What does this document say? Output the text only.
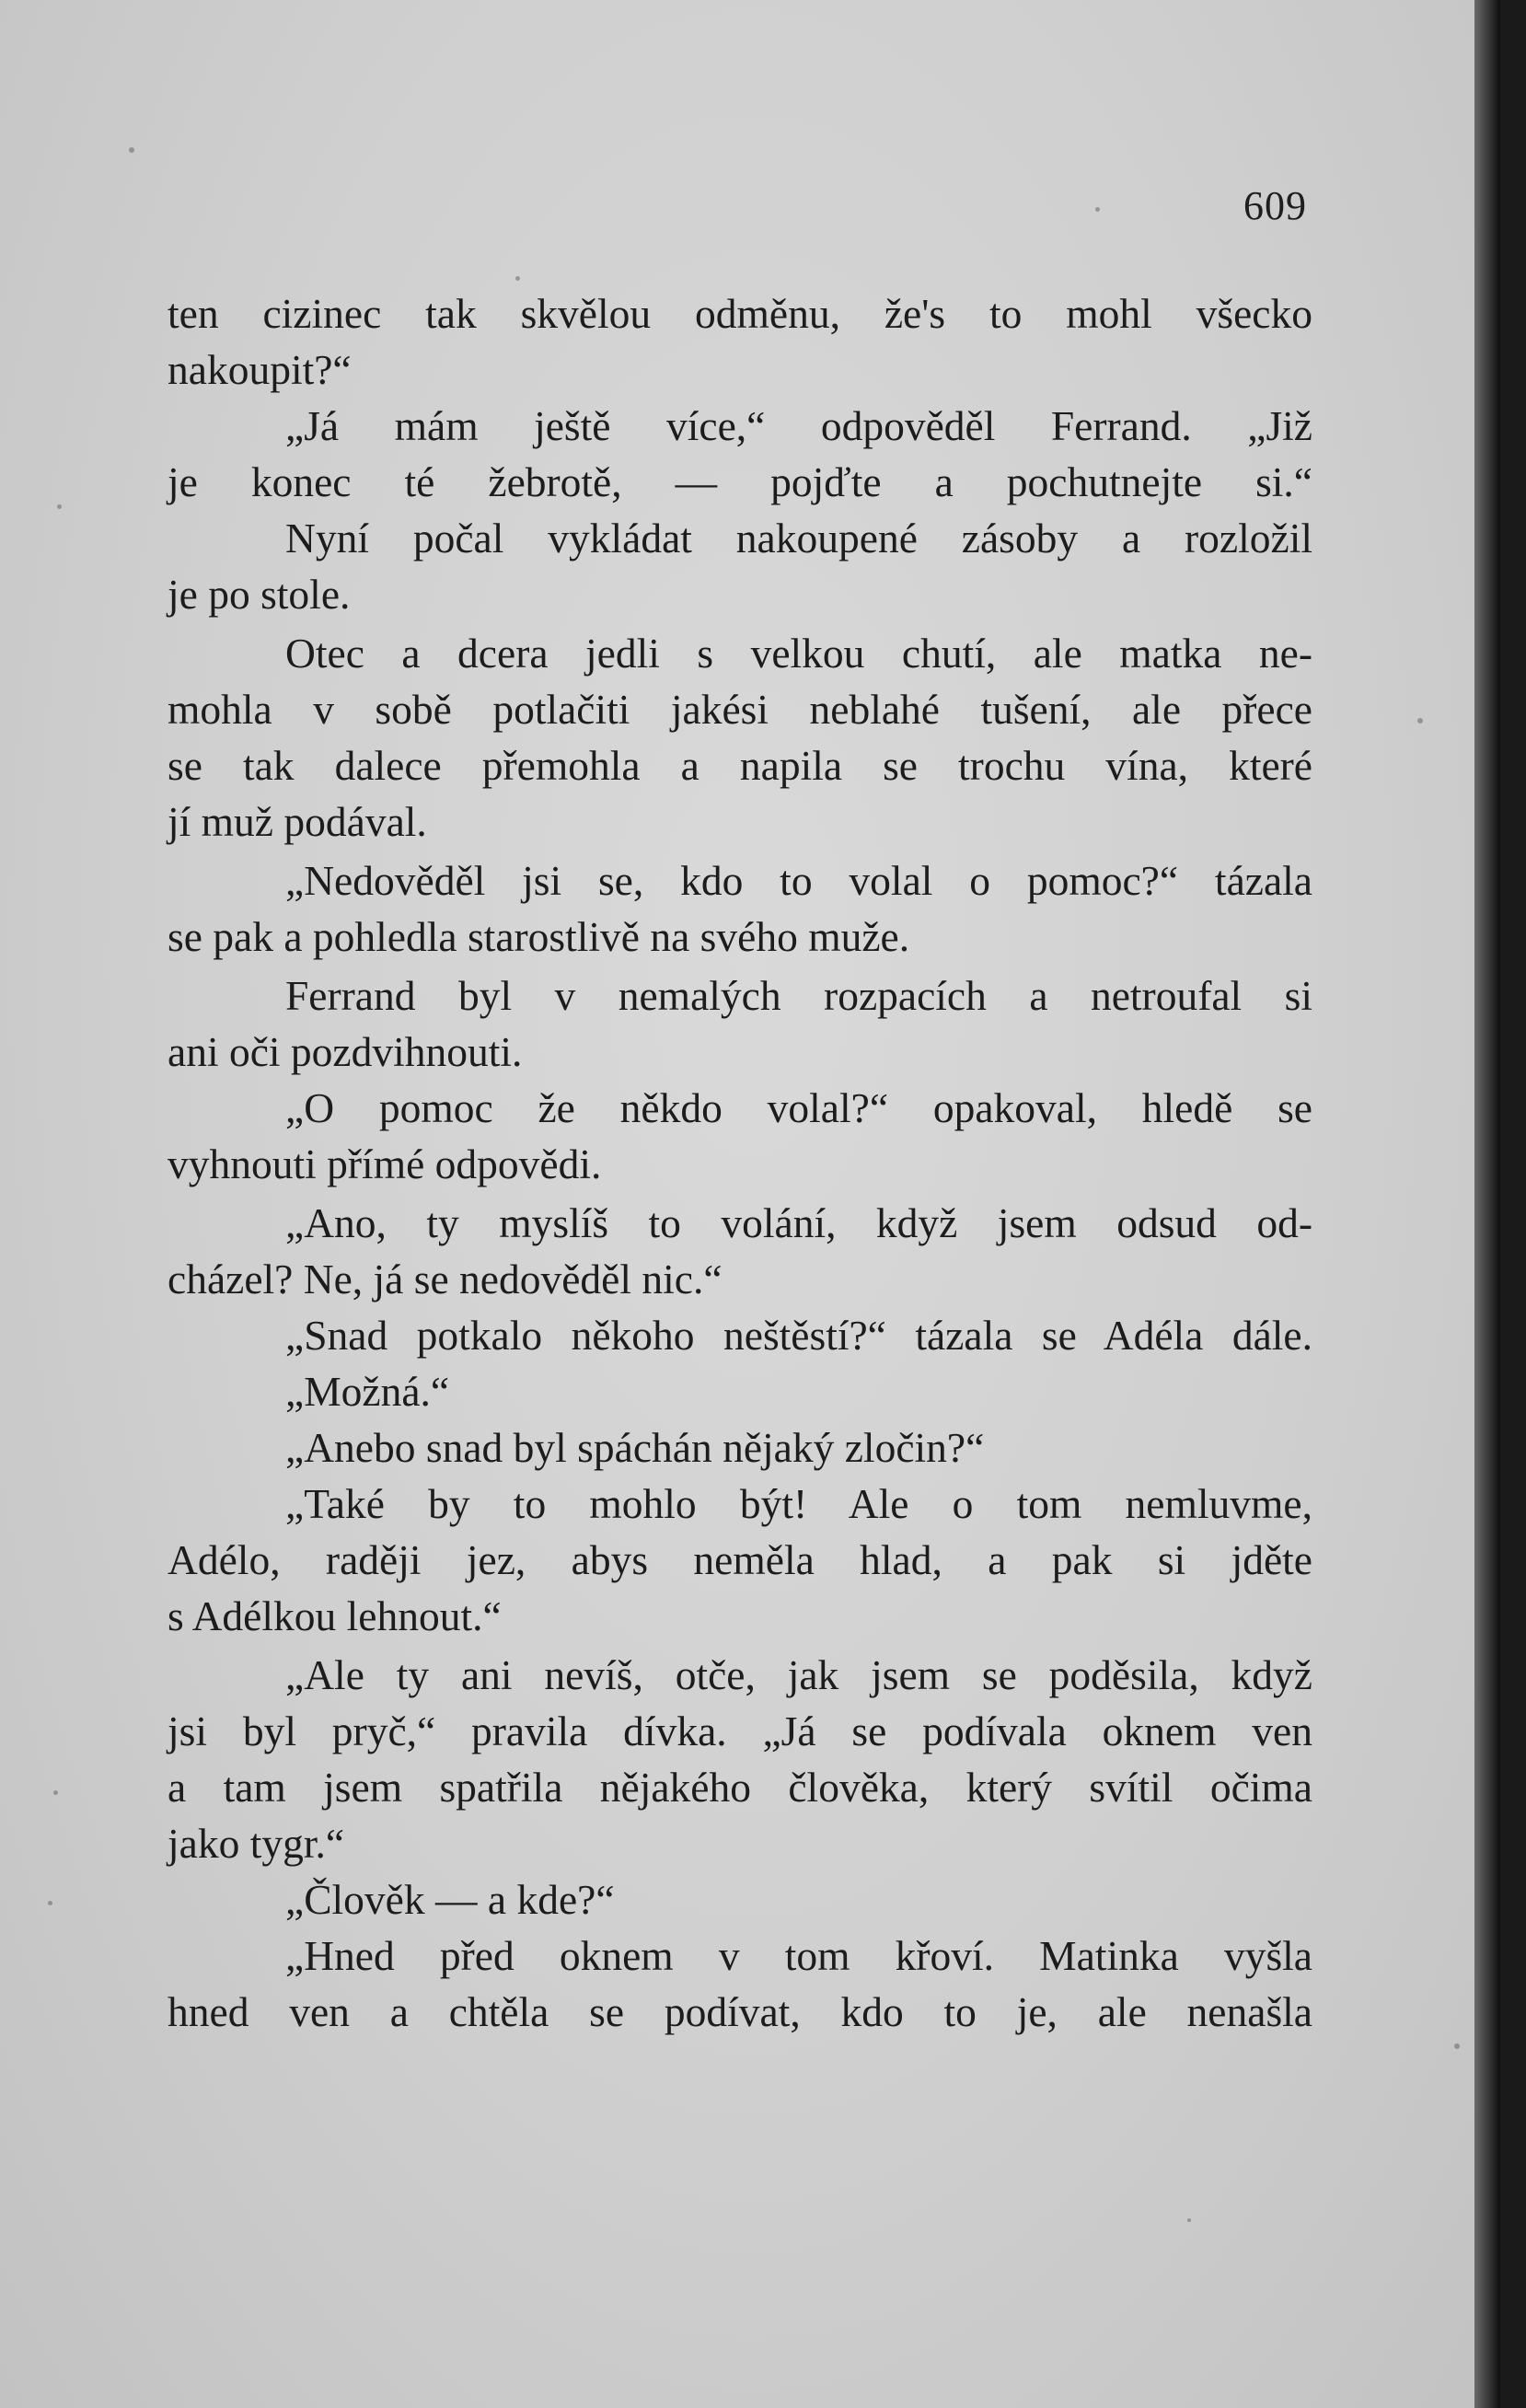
609
ten cizinec tak skvělou odměnu, že's to mohl všecko
nakoupit?“
„Já mám ještě více,“ odpověděl Ferrand. „Již
je konec té žebrotě, — pojďte a pochutnejte si.“
Nyní počal vykládat nakoupené zásoby a rozložil
je po stole.
Otec a dcera jedli s velkou chutí, ale matka ne-
mohla v sobě potlačiti jakési neblahé tušení, ale přece
se tak dalece přemohla a napila se trochu vína, které
jí muž podával.
„Nedověděl jsi se, kdo to volal o pomoc?“ tázala
se pak a pohledla starostlivě na svého muže.
Ferrand byl v nemalých rozpacích a netroufal si
ani oči pozdvihnouti.
„O pomoc že někdo volal?“ opakoval, hledě se
vyhnouti přímé odpovědi.
„Ano, ty myslíš to volání, když jsem odsud od-
cházel? Ne, já se nedověděl nic.“
„Snad potkalo někoho neštěstí?“ tázala se Adéla dále.
„Možná.“
„Anebo snad byl spáchán nějaký zločin?“
„Také by to mohlo být! Ale o tom nemluvme,
Adélo, raději jez, abys neměla hlad, a pak si jděte
s Adélkou lehnout.“
„Ale ty ani nevíš, otče, jak jsem se poděsila, když
jsi byl pryč,“ pravila dívka. „Já se podívala oknem ven
a tam jsem spatřila nějakého člověka, který svítil očima
jako tygr.“
„Člověk — a kde?“
„Hned před oknem v tom křoví. Matinka vyšla
hned ven a chtěla se podívat, kdo to je, ale nenašla
